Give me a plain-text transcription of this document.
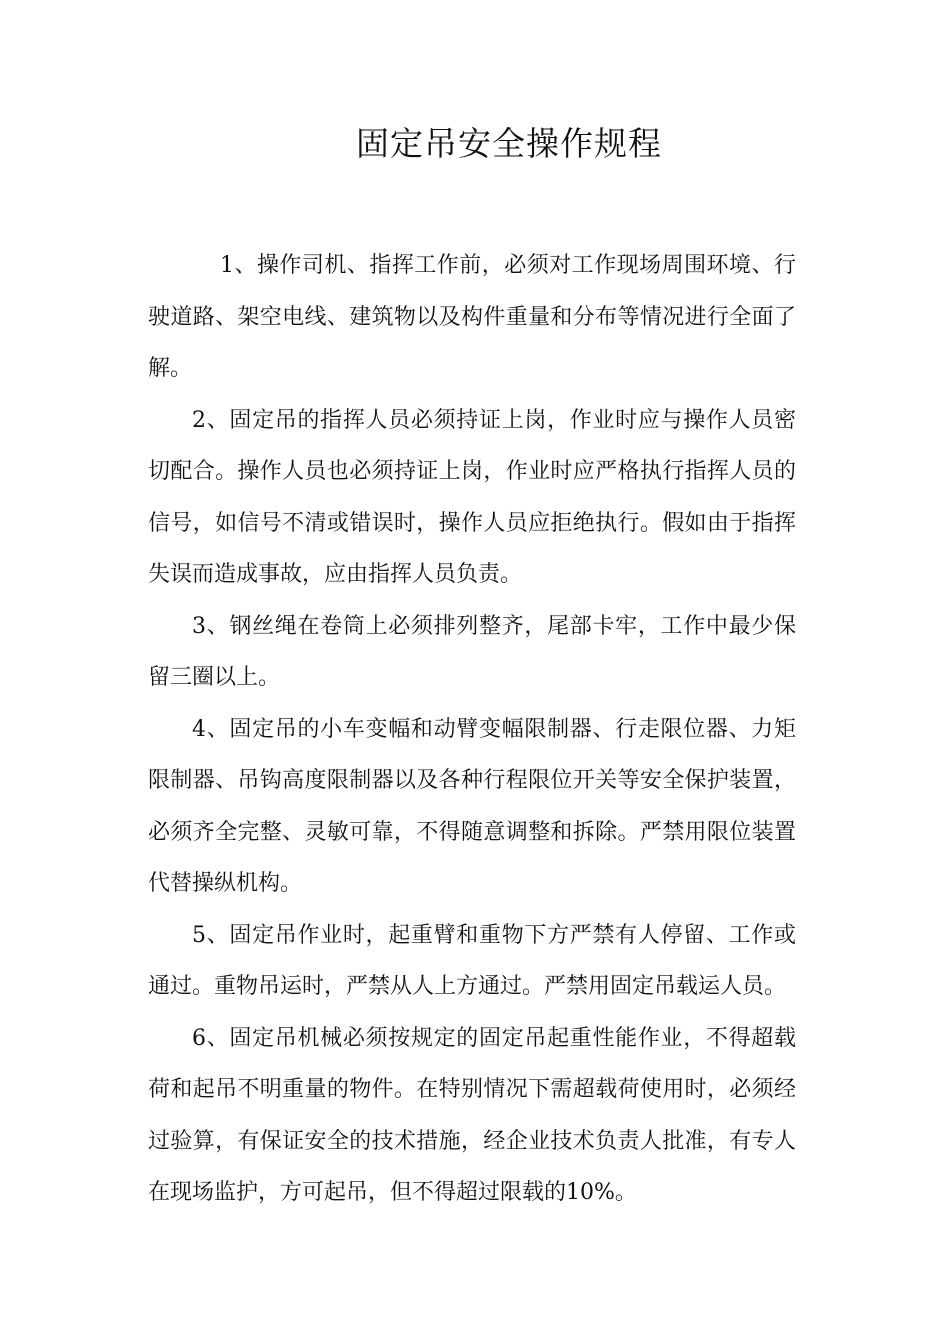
固定吊安全操作规程

1、操作司机、指挥工作前，必须对工作现场周围环境、行驶道路、架空电线、建筑物以及构件重量和分布等情况进行全面了解。

2、固定吊的指挥人员必须持证上岗，作业时应与操作人员密切配合。操作人员也必须持证上岗，作业时应严格执行指挥人员的信号，如信号不清或错误时，操作人员应拒绝执行。假如由于指挥失误而造成事故，应由指挥人员负责。

3、钢丝绳在卷筒上必须排列整齐，尾部卡牢，工作中最少保留三圈以上。

4、固定吊的小车变幅和动臂变幅限制器、行走限位器、力矩限制器、吊钩高度限制器以及各种行程限位开关等安全保护装置，必须齐全完整、灵敏可靠，不得随意调整和拆除。严禁用限位装置代替操纵机构。

5、固定吊作业时，起重臂和重物下方严禁有人停留、工作或通过。重物吊运时，严禁从人上方通过。严禁用固定吊载运人员。

6、固定吊机械必须按规定的固定吊起重性能作业，不得超载荷和起吊不明重量的物件。在特别情况下需超载荷使用时，必须经过验算，有保证安全的技术措施，经企业技术负责人批准，有专人在现场监护，方可起吊，但不得超过限载的10%。
